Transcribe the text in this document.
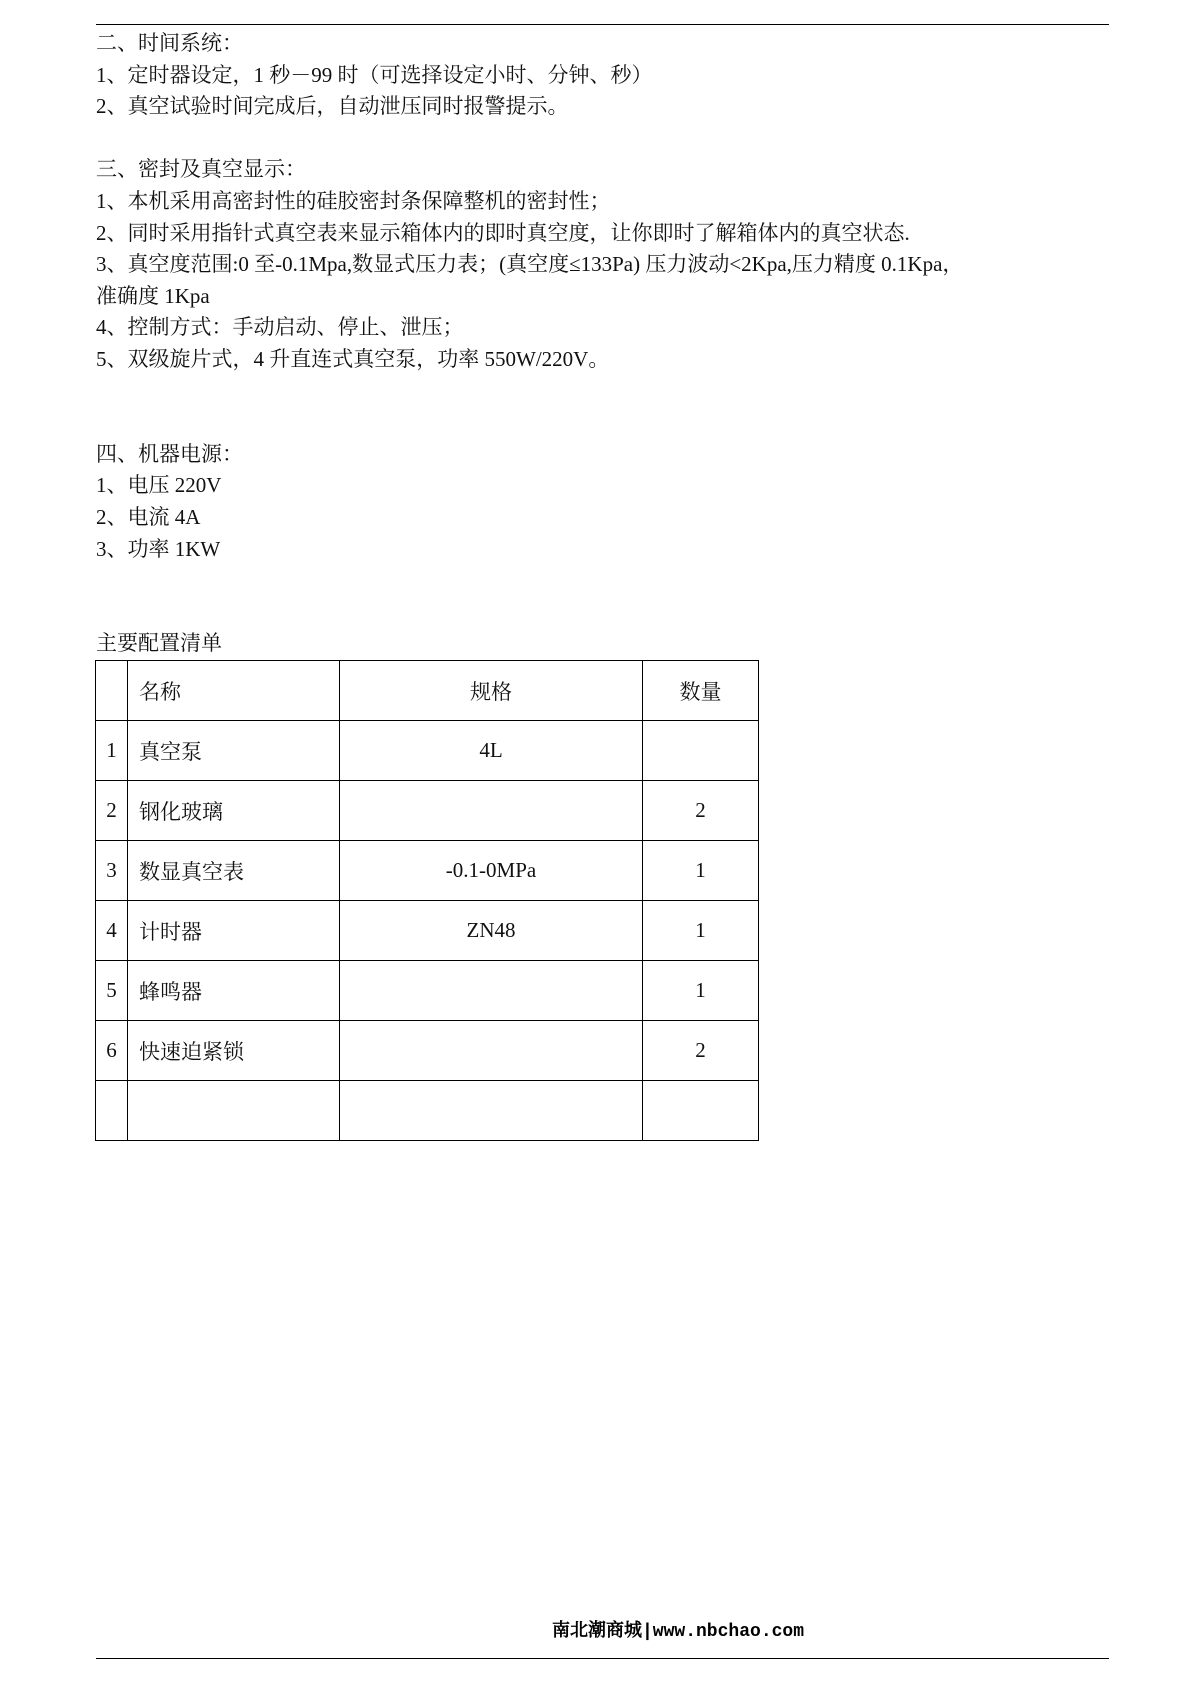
二、时间系统：
1、定时器设定，1 秒－99 时（可选择设定小时、分钟、秒）
2、真空试验时间完成后，自动泄压同时报警提示。
三、密封及真空显示：
1、本机采用高密封性的硅胶密封条保障整机的密封性；
2、同时采用指针式真空表来显示箱体内的即时真空度，让你即时了解箱体内的真空状态.
3、真空度范围:0 至-0.1Mpa,数显式压力表；(真空度≤133Pa) 压力波动<2Kpa,压力精度 0.1Kpa，
准确度 1Kpa
4、控制方式：手动启动、停止、泄压；
5、双级旋片式，4 升直连式真空泵，功率 550W/220V。
四、机器电源：
1、电压 220V
2、电流 4A
3、功率 1KW
主要配置清单
	名称	规格	数量
1	真空泵	4L	
2	钢化玻璃		2
3	数显真空表	-0.1-0MPa	1
4	计时器	ZN48	1
5	蜂鸣器		1
6	快速迫紧锁		2

南北潮商城|www.nbchao.com
